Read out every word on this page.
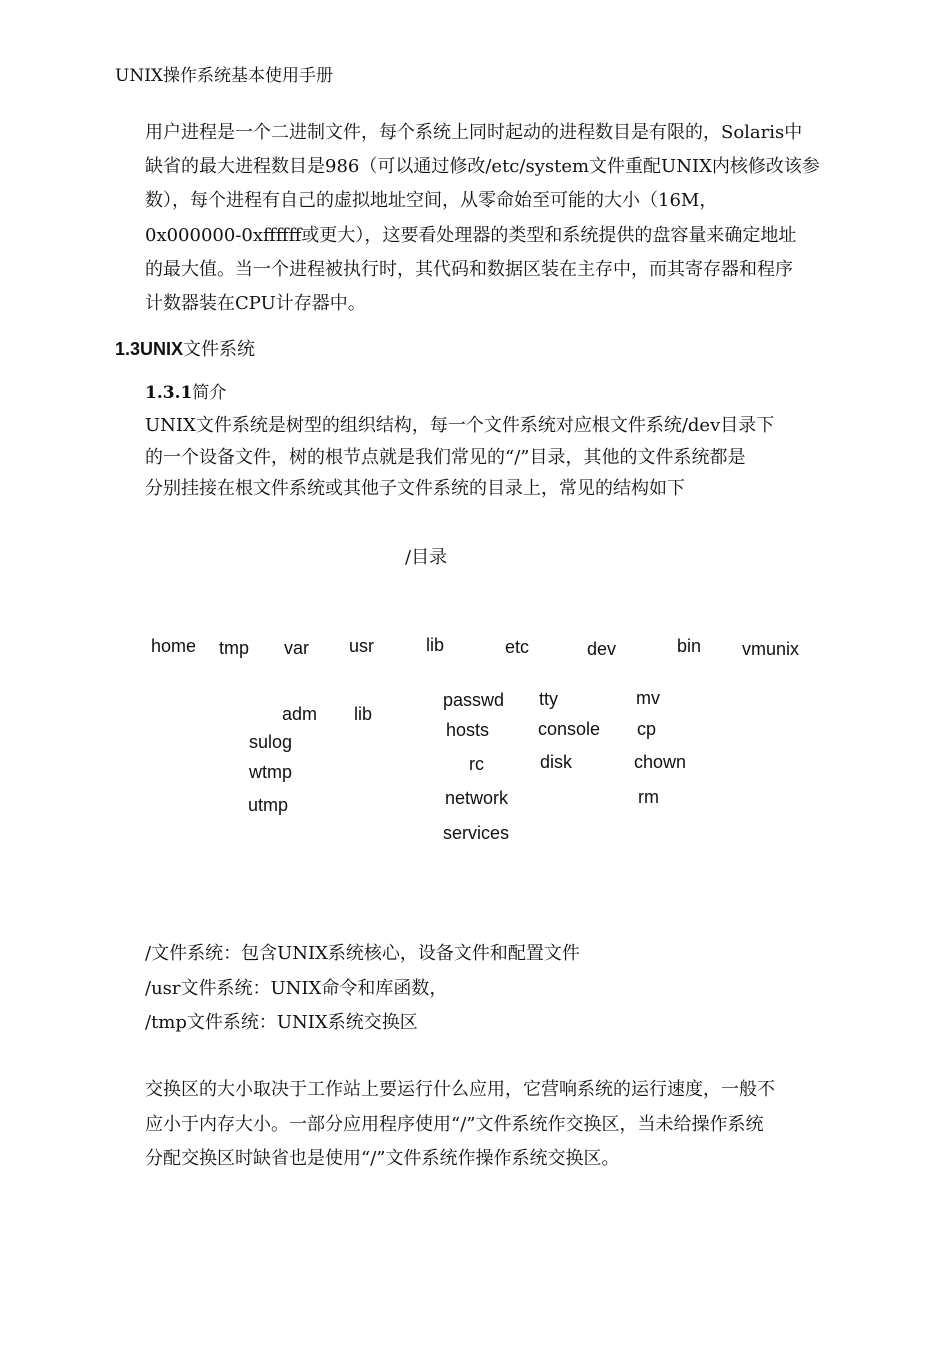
UNIX操作系统基本使用手册
用户进程是一个二进制文件，每个系统上同时起动的进程数目是有限的，Solaris中
缺省的最大进程数目是986（可以通过修改/etc/system文件重配UNIX内核修改该参
数），每个进程有自己的虚拟地址空间，从零命始至可能的大小（16M，
0x000000-0xffffff或更大），这要看处理器的类型和系统提供的盘容量来确定地址
的最大值。当一个进程被执行时，其代码和数据区装在主存中，而其寄存器和程序
计数器装在CPU计存器中。
1.3UNIX文件系统
1.3.1简介
UNIX文件系统是树型的组织结构，每一个文件系统对应根文件系统/dev目录下
的一个设备文件，树的根节点就是我们常见的“/”目录，其他的文件系统都是
分别挂接在根文件系统或其他子文件系统的目录上，常见的结构如下
/目录
home tmp var usr	lib	etc	dev	bin vmunix
adm
sulog
wtmp
utmp
lib
passwd
hosts
rc
network
services
tty
console
disk
mv
cp
chown
rm
/文件系统：包含UNIX系统核心，设备文件和配置文件
/usr文件系统：UNIX命令和库函数，
/tmp文件系统：UNIX系统交换区
交换区的大小取决于工作站上要运行什么应用，它营响系统的运行速度，一般不
应小于内存大小。一部分应用程序使用“/”文件系统作交换区，当未给操作系统
分配交换区时缺省也是使用“/”文件系统作操作系统交换区。
